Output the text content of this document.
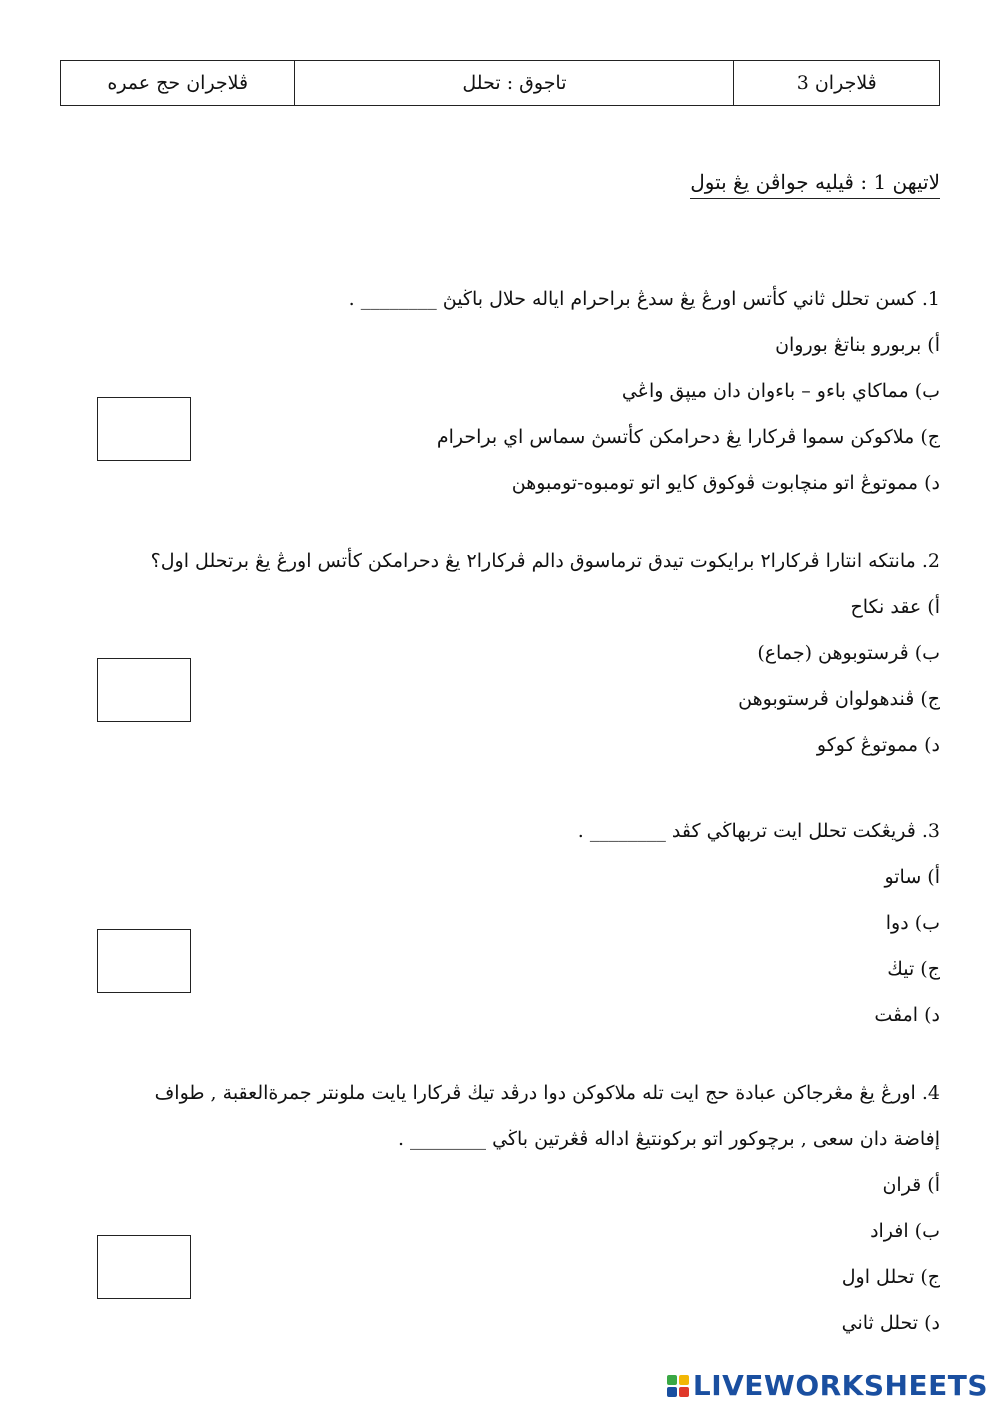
ڤلاجران حج عمره	تاجوق : تحلل	ڤلاجران 3
لاتيهن 1 : ڤيليه جواڤن يڠ بتول
1. كسن تحلل ثاني كأتس اورڠ يڠ سدڠ براحرام اياله حلال باڬيڽ ________ .
أ) بربورو بناتڠ بوروان
ب) مماكاي باءو – باءوان دان ميپق واڠي
ج) ملاكوكن سموا ڤركارا يڠ دحرامكن كأتسڽ سماس اي براحرام
د) مموتوڠ اتو منچابوت ڤوكوق كايو اتو تومبوه-تومبوهن
2. مانتكه انتارا ڤركارا٢ برايكوت تيدق ترماسوق دالم ڤركارا٢ يڠ دحرامكن كأتس اورڠ يڠ برتحلل اول؟
أ) عقد نكاح
ب) ڤرستوبوهن (جماع)
ج) ڤندهولوان ڤرستوبوهن
د) مموتوڠ كوكو
3. ڤريڠكت تحلل ايت تربهاڬي كڤد ________ .
أ) ساتو
ب) دوا
ج) تيڬ
د) امڤت
4. اورڠ يڠ مڠرجاكن عبادة حج ايت تله ملاكوكن دوا درڤد تيڬ ڤركارا يايت ملونتر جمرةالعقبة , طواف
إفاضة دان سعى , برچوكور اتو برکونتيڠ اداله ڤڠرتين باڬي ________ .
أ) قران
ب) افراد
ج) تحلل اول
د) تحلل ثاني
LIVEWORKSHEETS
